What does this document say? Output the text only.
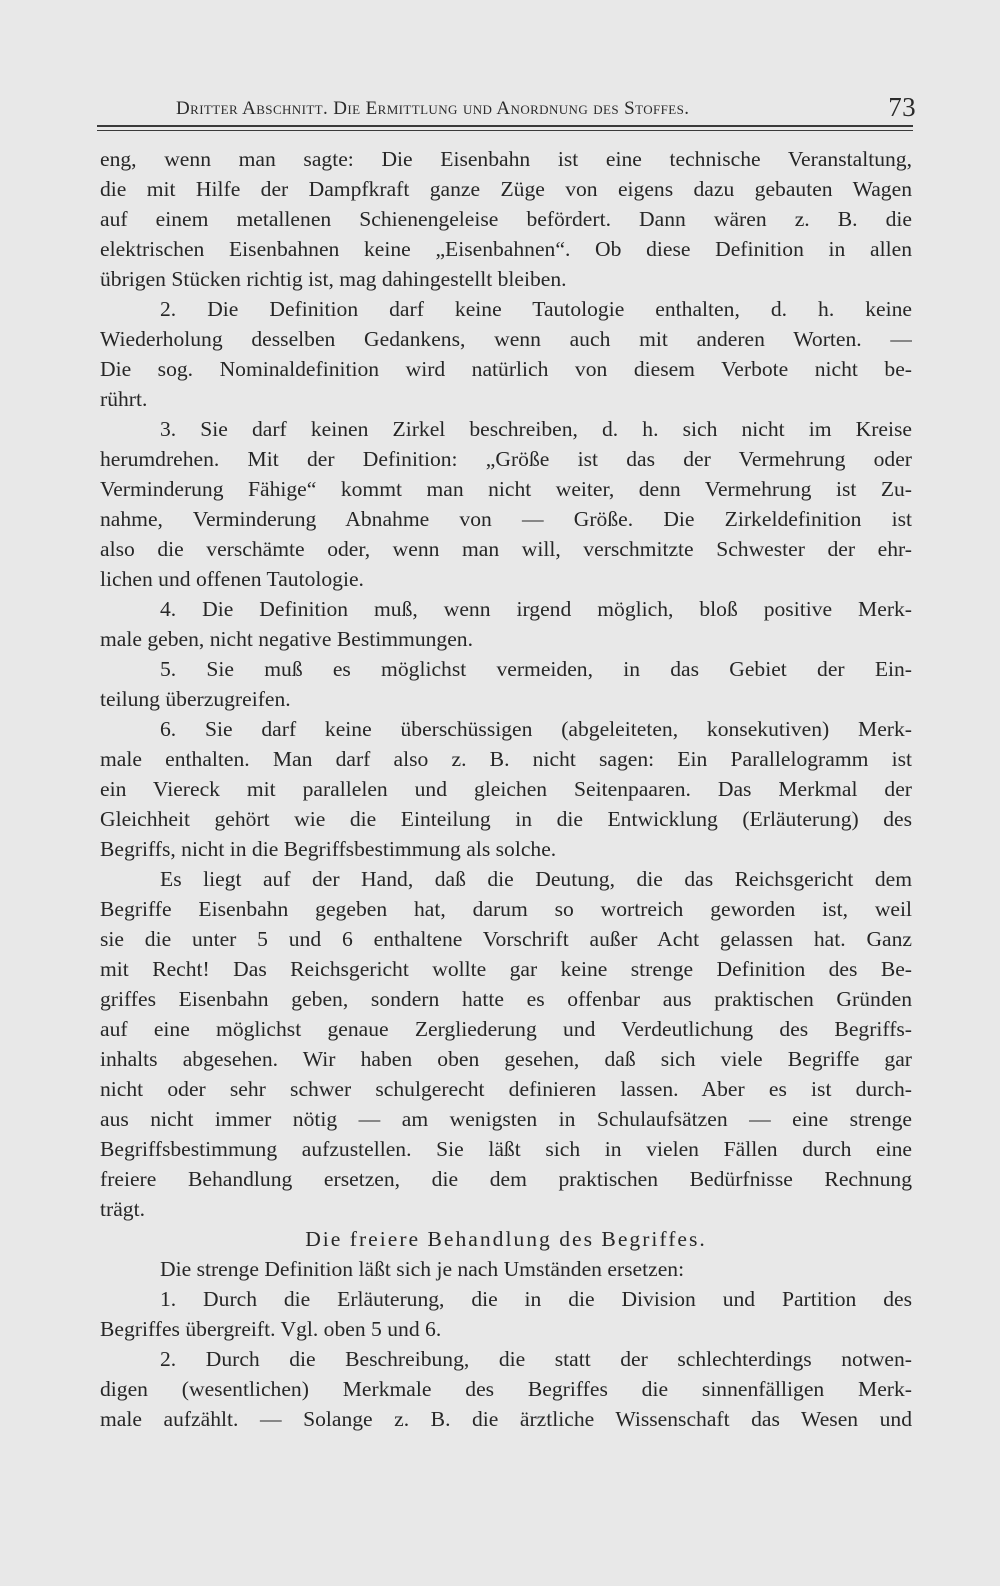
Dritter Abschnitt. Die Ermittlung und Anordnung des Stoffes.	73
eng, wenn man sagte: Die Eisenbahn ist eine technische Veranstaltung,
die mit Hilfe der Dampfkraft ganze Züge von eigens dazu gebauten Wagen
auf einem metallenen Schienengeleise befördert. Dann wären z. B. die
elektrischen Eisenbahnen keine „Eisenbahnen“. Ob diese Definition in allen
übrigen Stücken richtig ist, mag dahingestellt bleiben.
2. Die Definition darf keine Tautologie enthalten, d. h. keine
Wiederholung desselben Gedankens, wenn auch mit anderen Worten. —
Die sog. Nominaldefinition wird natürlich von diesem Verbote nicht be-
rührt.
3. Sie darf keinen Zirkel beschreiben, d. h. sich nicht im Kreise
herumdrehen. Mit der Definition: „Größe ist das der Vermehrung oder
Verminderung Fähige“ kommt man nicht weiter, denn Vermehrung ist Zu-
nahme, Verminderung Abnahme von — Größe. Die Zirkeldefinition ist
also die verschämte oder, wenn man will, verschmitzte Schwester der ehr-
lichen und offenen Tautologie.
4. Die Definition muß, wenn irgend möglich, bloß positive Merk-
male geben, nicht negative Bestimmungen.
5. Sie muß es möglichst vermeiden, in das Gebiet der Ein-
teilung überzugreifen.
6. Sie darf keine überschüssigen (abgeleiteten, konsekutiven) Merk-
male enthalten. Man darf also z. B. nicht sagen: Ein Parallelogramm ist
ein Viereck mit parallelen und gleichen Seitenpaaren. Das Merkmal der
Gleichheit gehört wie die Einteilung in die Entwicklung (Erläuterung) des
Begriffs, nicht in die Begriffsbestimmung als solche.
Es liegt auf der Hand, daß die Deutung, die das Reichsgericht dem
Begriffe Eisenbahn gegeben hat, darum so wortreich geworden ist, weil
sie die unter 5 und 6 enthaltene Vorschrift außer Acht gelassen hat. Ganz
mit Recht! Das Reichsgericht wollte gar keine strenge Definition des Be-
griffes Eisenbahn geben, sondern hatte es offenbar aus praktischen Gründen
auf eine möglichst genaue Zergliederung und Verdeutlichung des Begriffs-
inhalts abgesehen. Wir haben oben gesehen, daß sich viele Begriffe gar
nicht oder sehr schwer schulgerecht definieren lassen. Aber es ist durch-
aus nicht immer nötig — am wenigsten in Schulaufsätzen — eine strenge
Begriffsbestimmung aufzustellen. Sie läßt sich in vielen Fällen durch eine
freiere Behandlung ersetzen, die dem praktischen Bedürfnisse Rechnung
trägt.
Die freiere Behandlung des Begriffes.
Die strenge Definition läßt sich je nach Umständen ersetzen:
1. Durch die Erläuterung, die in die Division und Partition des
Begriffes übergreift. Vgl. oben 5 und 6.
2. Durch die Beschreibung, die statt der schlechterdings notwen-
digen (wesentlichen) Merkmale des Begriffes die sinnenfälligen Merk-
male aufzählt. — Solange z. B. die ärztliche Wissenschaft das Wesen und
